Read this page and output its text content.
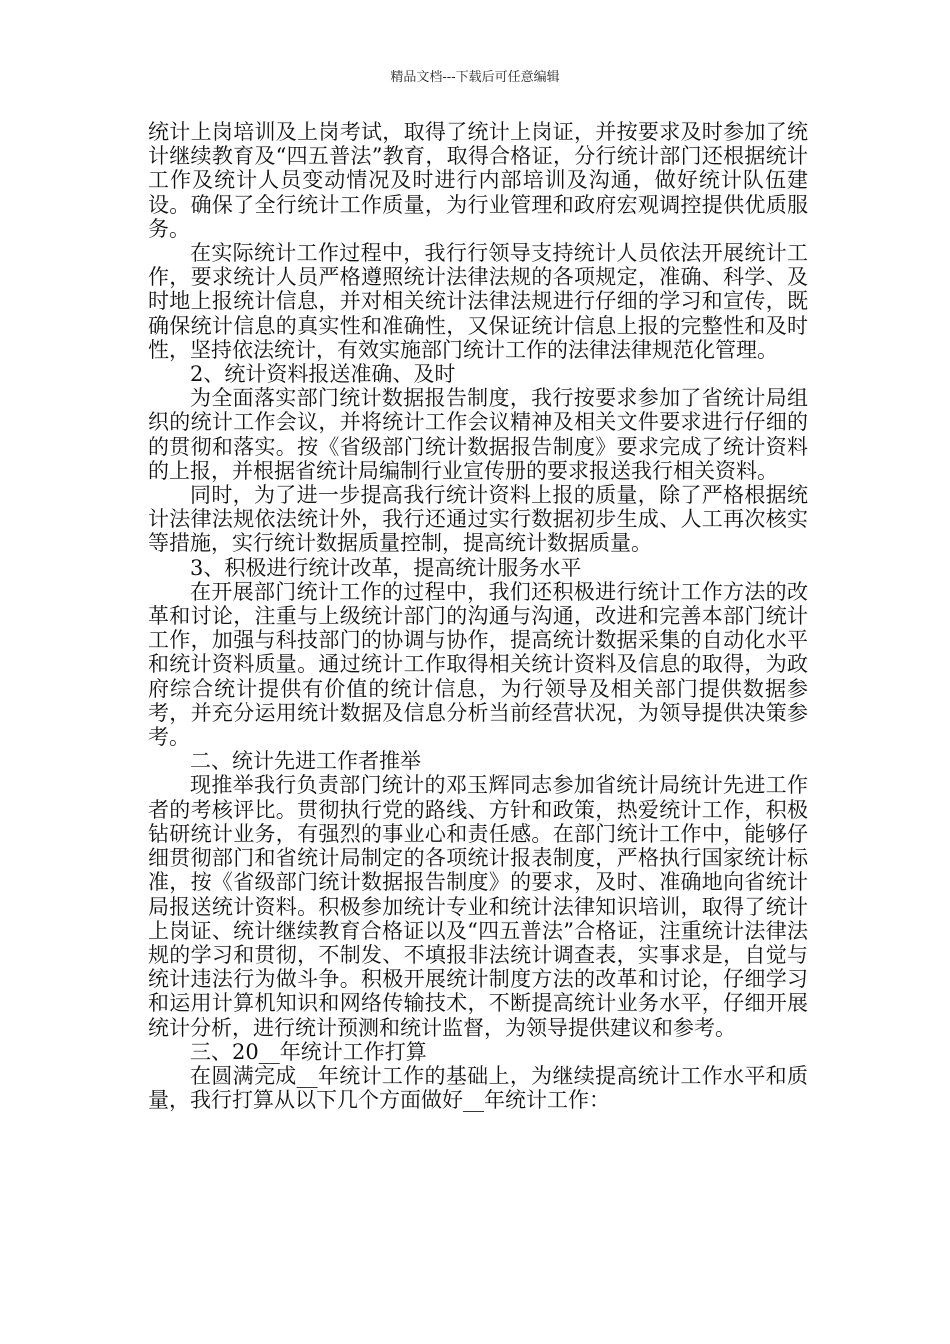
精品文档---下载后可任意编辑

统计上岗培训及上岗考试，取得了统计上岗证，并按要求及时参加了统计继续教育及“四五普法”教育，取得合格证，分行统计部门还根据统计工作及统计人员变动情况及时进行内部培训及沟通，做好统计队伍建设。确保了全行统计工作质量，为行业管理和政府宏观调控提供优质服务。

在实际统计工作过程中，我行行领导支持统计人员依法开展统计工作，要求统计人员严格遵照统计法律法规的各项规定，准确、科学、及时地上报统计信息，并对相关统计法律法规进行仔细的学习和宣传，既确保统计信息的真实性和准确性，又保证统计信息上报的完整性和及时性，坚持依法统计，有效实施部门统计工作的法律法律规范化管理。

2、统计资料报送准确、及时

为全面落实部门统计数据报告制度，我行按要求参加了省统计局组织的统计工作会议，并将统计工作会议精神及相关文件要求进行仔细的的贯彻和落实。按《省级部门统计数据报告制度》要求完成了统计资料的上报，并根据省统计局编制行业宣传册的要求报送我行相关资料。

同时，为了进一步提高我行统计资料上报的质量，除了严格根据统计法律法规依法统计外，我行还通过实行数据初步生成、人工再次核实等措施，实行统计数据质量控制，提高统计数据质量。

3、积极进行统计改革，提高统计服务水平

在开展部门统计工作的过程中，我们还积极进行统计工作方法的改革和讨论，注重与上级统计部门的沟通与沟通，改进和完善本部门统计工作，加强与科技部门的协调与协作，提高统计数据采集的自动化水平和统计资料质量。通过统计工作取得相关统计资料及信息的取得，为政府综合统计提供有价值的统计信息，为行领导及相关部门提供数据参考，并充分运用统计数据及信息分析当前经营状况，为领导提供决策参考。

二、统计先进工作者推举

现推举我行负责部门统计的邓玉辉同志参加省统计局统计先进工作者的考核评比。贯彻执行党的路线、方针和政策，热爱统计工作，积极钻研统计业务，有强烈的事业心和责任感。在部门统计工作中，能够仔细贯彻部门和省统计局制定的各项统计报表制度，严格执行国家统计标准，按《省级部门统计数据报告制度》的要求，及时、准确地向省统计局报送统计资料。积极参加统计专业和统计法律知识培训，取得了统计上岗证、统计继续教育合格证以及“四五普法”合格证，注重统计法律法规的学习和贯彻，不制发、不填报非法统计调查表，实事求是，自觉与统计违法行为做斗争。积极开展统计制度方法的改革和讨论，仔细学习和运用计算机知识和网络传输技术，不断提高统计业务水平，仔细开展统计分析，进行统计预测和统计监督，为领导提供建议和参考。

三、20__年统计工作打算

在圆满完成__年统计工作的基础上，为继续提高统计工作水平和质量，我行打算从以下几个方面做好__年统计工作：
